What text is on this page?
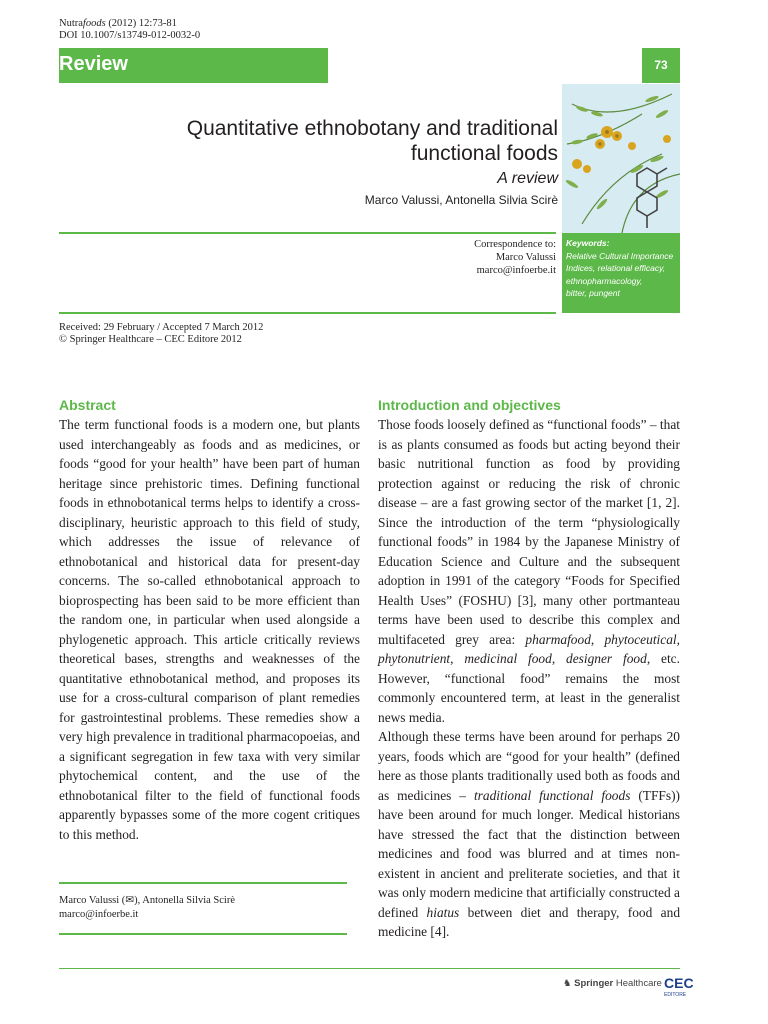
Nutrafoods (2012) 12:73-81
DOI 10.1007/s13749-012-0032-0
Review	73
Quantitative ethnobotany and traditional
functional foods
A review
Marco Valussi, Antonella Silvia Scirè
Correspondence to:
Marco Valussi
marco@infoerbe.it
Keywords:
Relative Cultural Importance
Indices, relational efficacy,
ethnopharmacology,
bitter, pungent
Received: 29 February / Accepted 7 March 2012
© Springer Healthcare – CEC Editore 2012
Abstract

The term functional foods is a modern one, but plants used interchangeably as foods and as medicines, or foods “good for your health” have been part of human heritage since prehistoric times. Defining functional foods in ethnobotanical terms helps to identify a cross-disciplinary, heuristic approach to this field of study, which addresses the issue of relevance of ethnobotanical and historical data for present-day concerns. The so-called ethnobotanical approach to bioprospecting has been said to be more efficient than the random one, in particular when used alongside a phylogenetic approach. This article critically reviews theoretical bases, strengths and weaknesses of the quantitative ethnobotanical method, and proposes its use for a cross-cultural comparison of plant remedies for gastrointestinal problems. These remedies show a very high prevalence in traditional pharmacopoeias, and a significant segregation in few taxa with very similar phytochemical content, and the use of the ethnobotanical filter to the field of functional foods apparently bypasses some of the more cogent critiques to this method.

Marco Valussi (✉), Antonella Silvia Scirè
marco@infoerbe.it
Introduction and objectives

Those foods loosely defined as “functional foods” – that is as plants consumed as foods but acting beyond their basic nutritional function as food by providing protection against or reducing the risk of chronic disease – are a fast growing sector of the market [1, 2]. Since the introduction of the term “physiologically functional foods” in 1984 by the Japanese Ministry of Education Science and Culture and the subsequent adoption in 1991 of the category “Foods for Specified Health Uses” (FOSHU) [3], many other portmanteau terms have been used to describe this complex and multifaceted grey area: pharmafood, phytoceutical, phytonutrient, medicinal food, designer food, etc. However, “functional food” remains the most commonly encountered term, at least in the generalist news media.

Although these terms have been around for perhaps 20 years, foods which are “good for your health” (defined here as those plants traditionally used both as foods and as medicines – traditional functional foods (TFFs)) have been around for much longer. Medical historians have stressed the fact that the distinction between medicines and food was blurred and at times non-existent in ancient and preliterate societies, and that it was only modern medicine that artificially constructed a defined hiatus between diet and therapy, food and medicine [4].

♞ Springer Healthcare CEC
EDITORE
